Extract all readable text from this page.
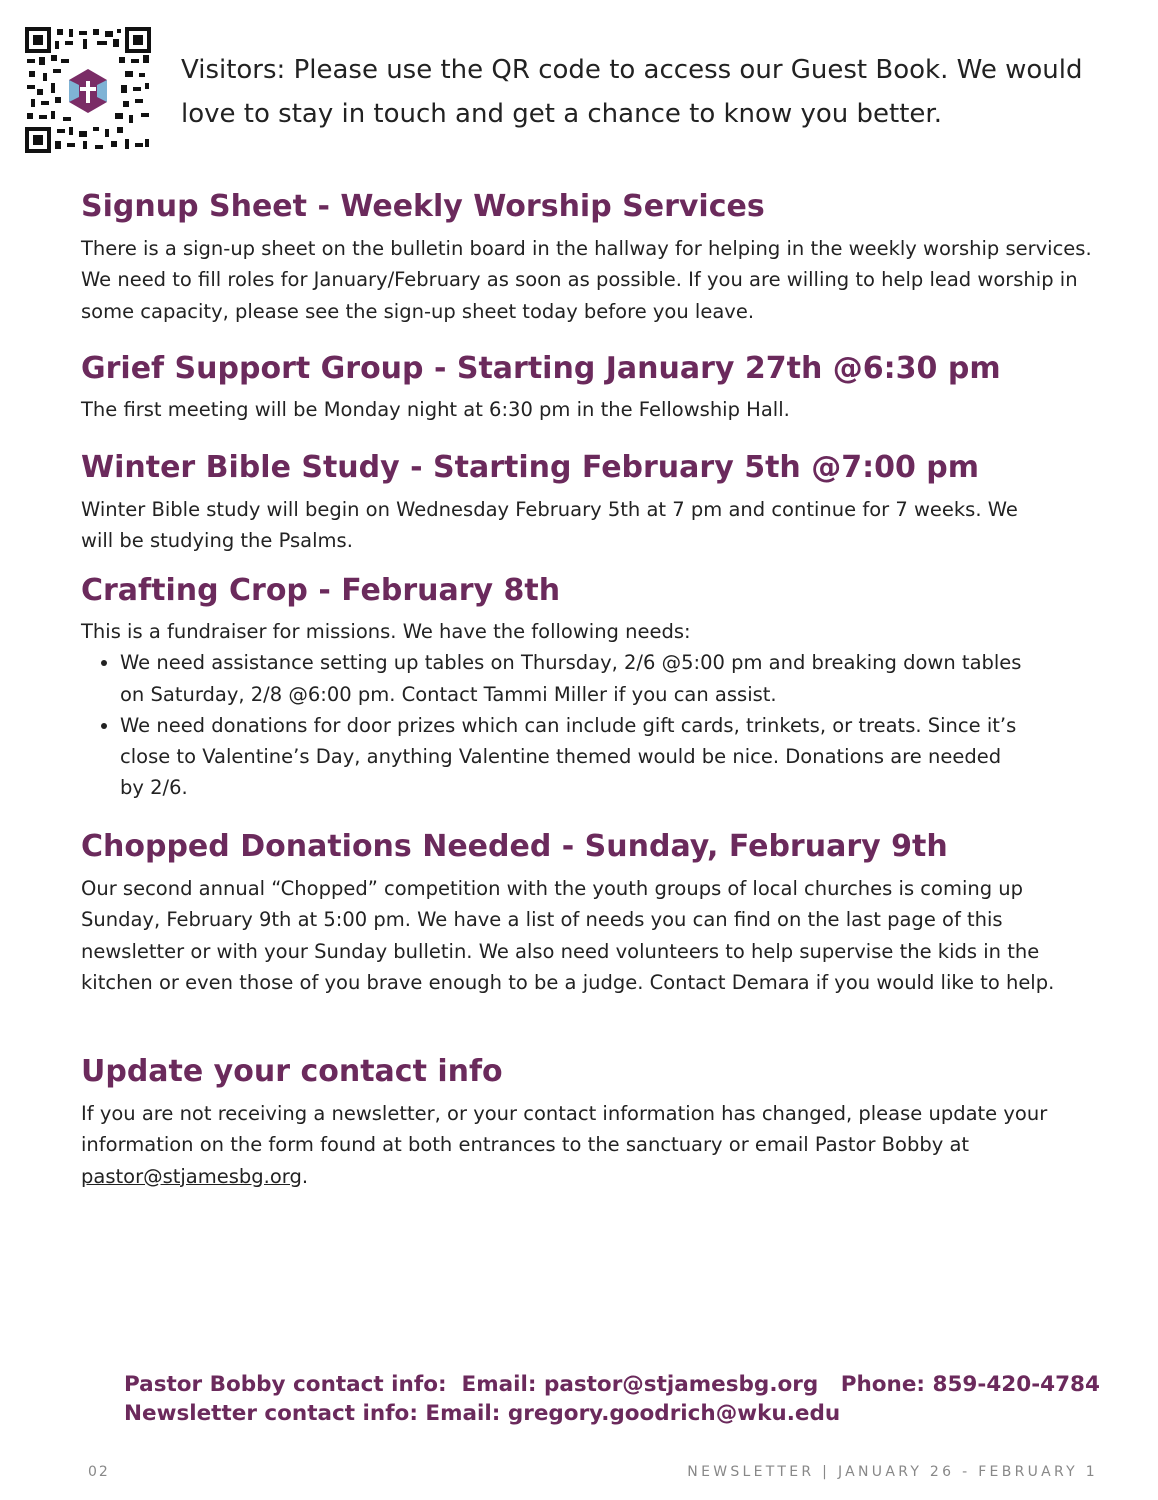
Visitors: Please use the QR code to access our Guest Book. We would love to stay in touch and get a chance to know you better.
Signup Sheet - Weekly Worship Services

There is a sign-up sheet on the bulletin board in the hallway for helping in the weekly worship services. We need to fill roles for January/February as soon as possible. If you are willing to help lead worship in some capacity, please see the sign-up sheet today before you leave.

Grief Support Group - Starting January 27th @6:30 pm

The first meeting will be Monday night at 6:30 pm in the Fellowship Hall.

Winter Bible Study - Starting February 5th @7:00 pm

Winter Bible study will begin on Wednesday February 5th at 7 pm and continue for 7 weeks. We will be studying the Psalms.

Crafting Crop - February 8th

This is a fundraiser for missions. We have the following needs:

• We need assistance setting up tables on Thursday, 2/6 @5:00 pm and breaking down tables on Saturday, 2/8 @6:00 pm. Contact Tammi Miller if you can assist.
• We need donations for door prizes which can include gift cards, trinkets, or treats. Since it’s close to Valentine’s Day, anything Valentine themed would be nice. Donations are needed by 2/6.
Chopped Donations Needed - Sunday, February 9th

Our second annual “Chopped” competition with the youth groups of local churches is coming up Sunday, February 9th at 5:00 pm. We have a list of needs you can find on the last page of this newsletter or with your Sunday bulletin. We also need volunteers to help supervise the kids in the kitchen or even those of you brave enough to be a judge. Contact Demara if you would like to help.

Update your contact info

If you are not receiving a newsletter, or your contact information has changed, please update your information on the form found at both entrances to the sanctuary or email Pastor Bobby at pastor@stjamesbg.org.

Pastor Bobby contact info:  Email: pastor@stjamesbg.org   Phone: 859-420-4784
Newsletter contact info: Email: gregory.goodrich@wku.edu
02	NEWSLETTER | JANUARY 26 - FEBRUARY 1
